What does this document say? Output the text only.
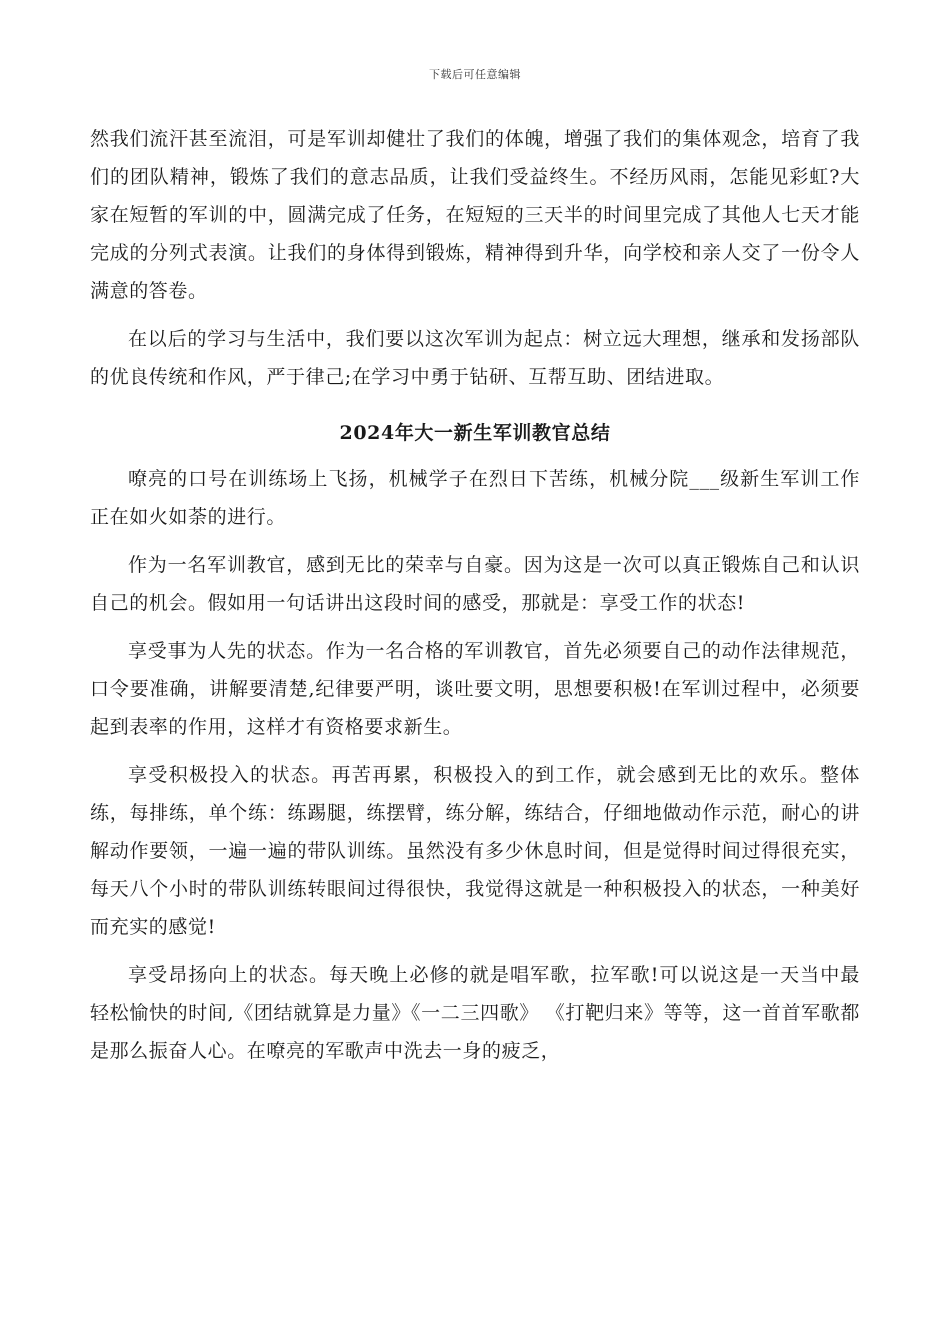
下载后可任意编辑

然我们流汗甚至流泪，可是军训却健壮了我们的体魄，增强了我们的集体观念，培育了我们的团队精神，锻炼了我们的意志品质，让我们受益终生。不经历风雨，怎能见彩虹?大家在短暂的军训的中，圆满完成了任务，在短短的三天半的时间里完成了其他人七天才能完成的分列式表演。让我们的身体得到锻炼，精神得到升华，向学校和亲人交了一份令人满意的答卷。

在以后的学习与生活中，我们要以这次军训为起点：树立远大理想，继承和发扬部队的优良传统和作风，严于律己;在学习中勇于钻研、互帮互助、团结进取。

2024年大一新生军训教官总结

嘹亮的口号在训练场上飞扬，机械学子在烈日下苦练，机械分院___级新生军训工作正在如火如荼的进行。

作为一名军训教官，感到无比的荣幸与自豪。因为这是一次可以真正锻炼自己和认识自己的机会。假如用一句话讲出这段时间的感受，那就是：享受工作的状态!

享受事为人先的状态。作为一名合格的军训教官，首先必须要自己的动作法律规范，口令要准确，讲解要清楚,纪律要严明，谈吐要文明，思想要积极!在军训过程中，必须要起到表率的作用，这样才有资格要求新生。

享受积极投入的状态。再苦再累，积极投入的到工作，就会感到无比的欢乐。整体练，每排练，单个练：练踢腿，练摆臂，练分解，练结合，仔细地做动作示范，耐心的讲解动作要领，一遍一遍的带队训练。虽然没有多少休息时间，但是觉得时间过得很充实，每天八个小时的带队训练转眼间过得很快，我觉得这就是一种积极投入的状态，一种美好而充实的感觉!

享受昂扬向上的状态。每天晚上必修的就是唱军歌，拉军歌!可以说这是一天当中最轻松愉快的时间,《团结就算是力量》《一二三四歌》 《打靶归来》等等，这一首首军歌都是那么振奋人心。在嘹亮的军歌声中洗去一身的疲乏，
